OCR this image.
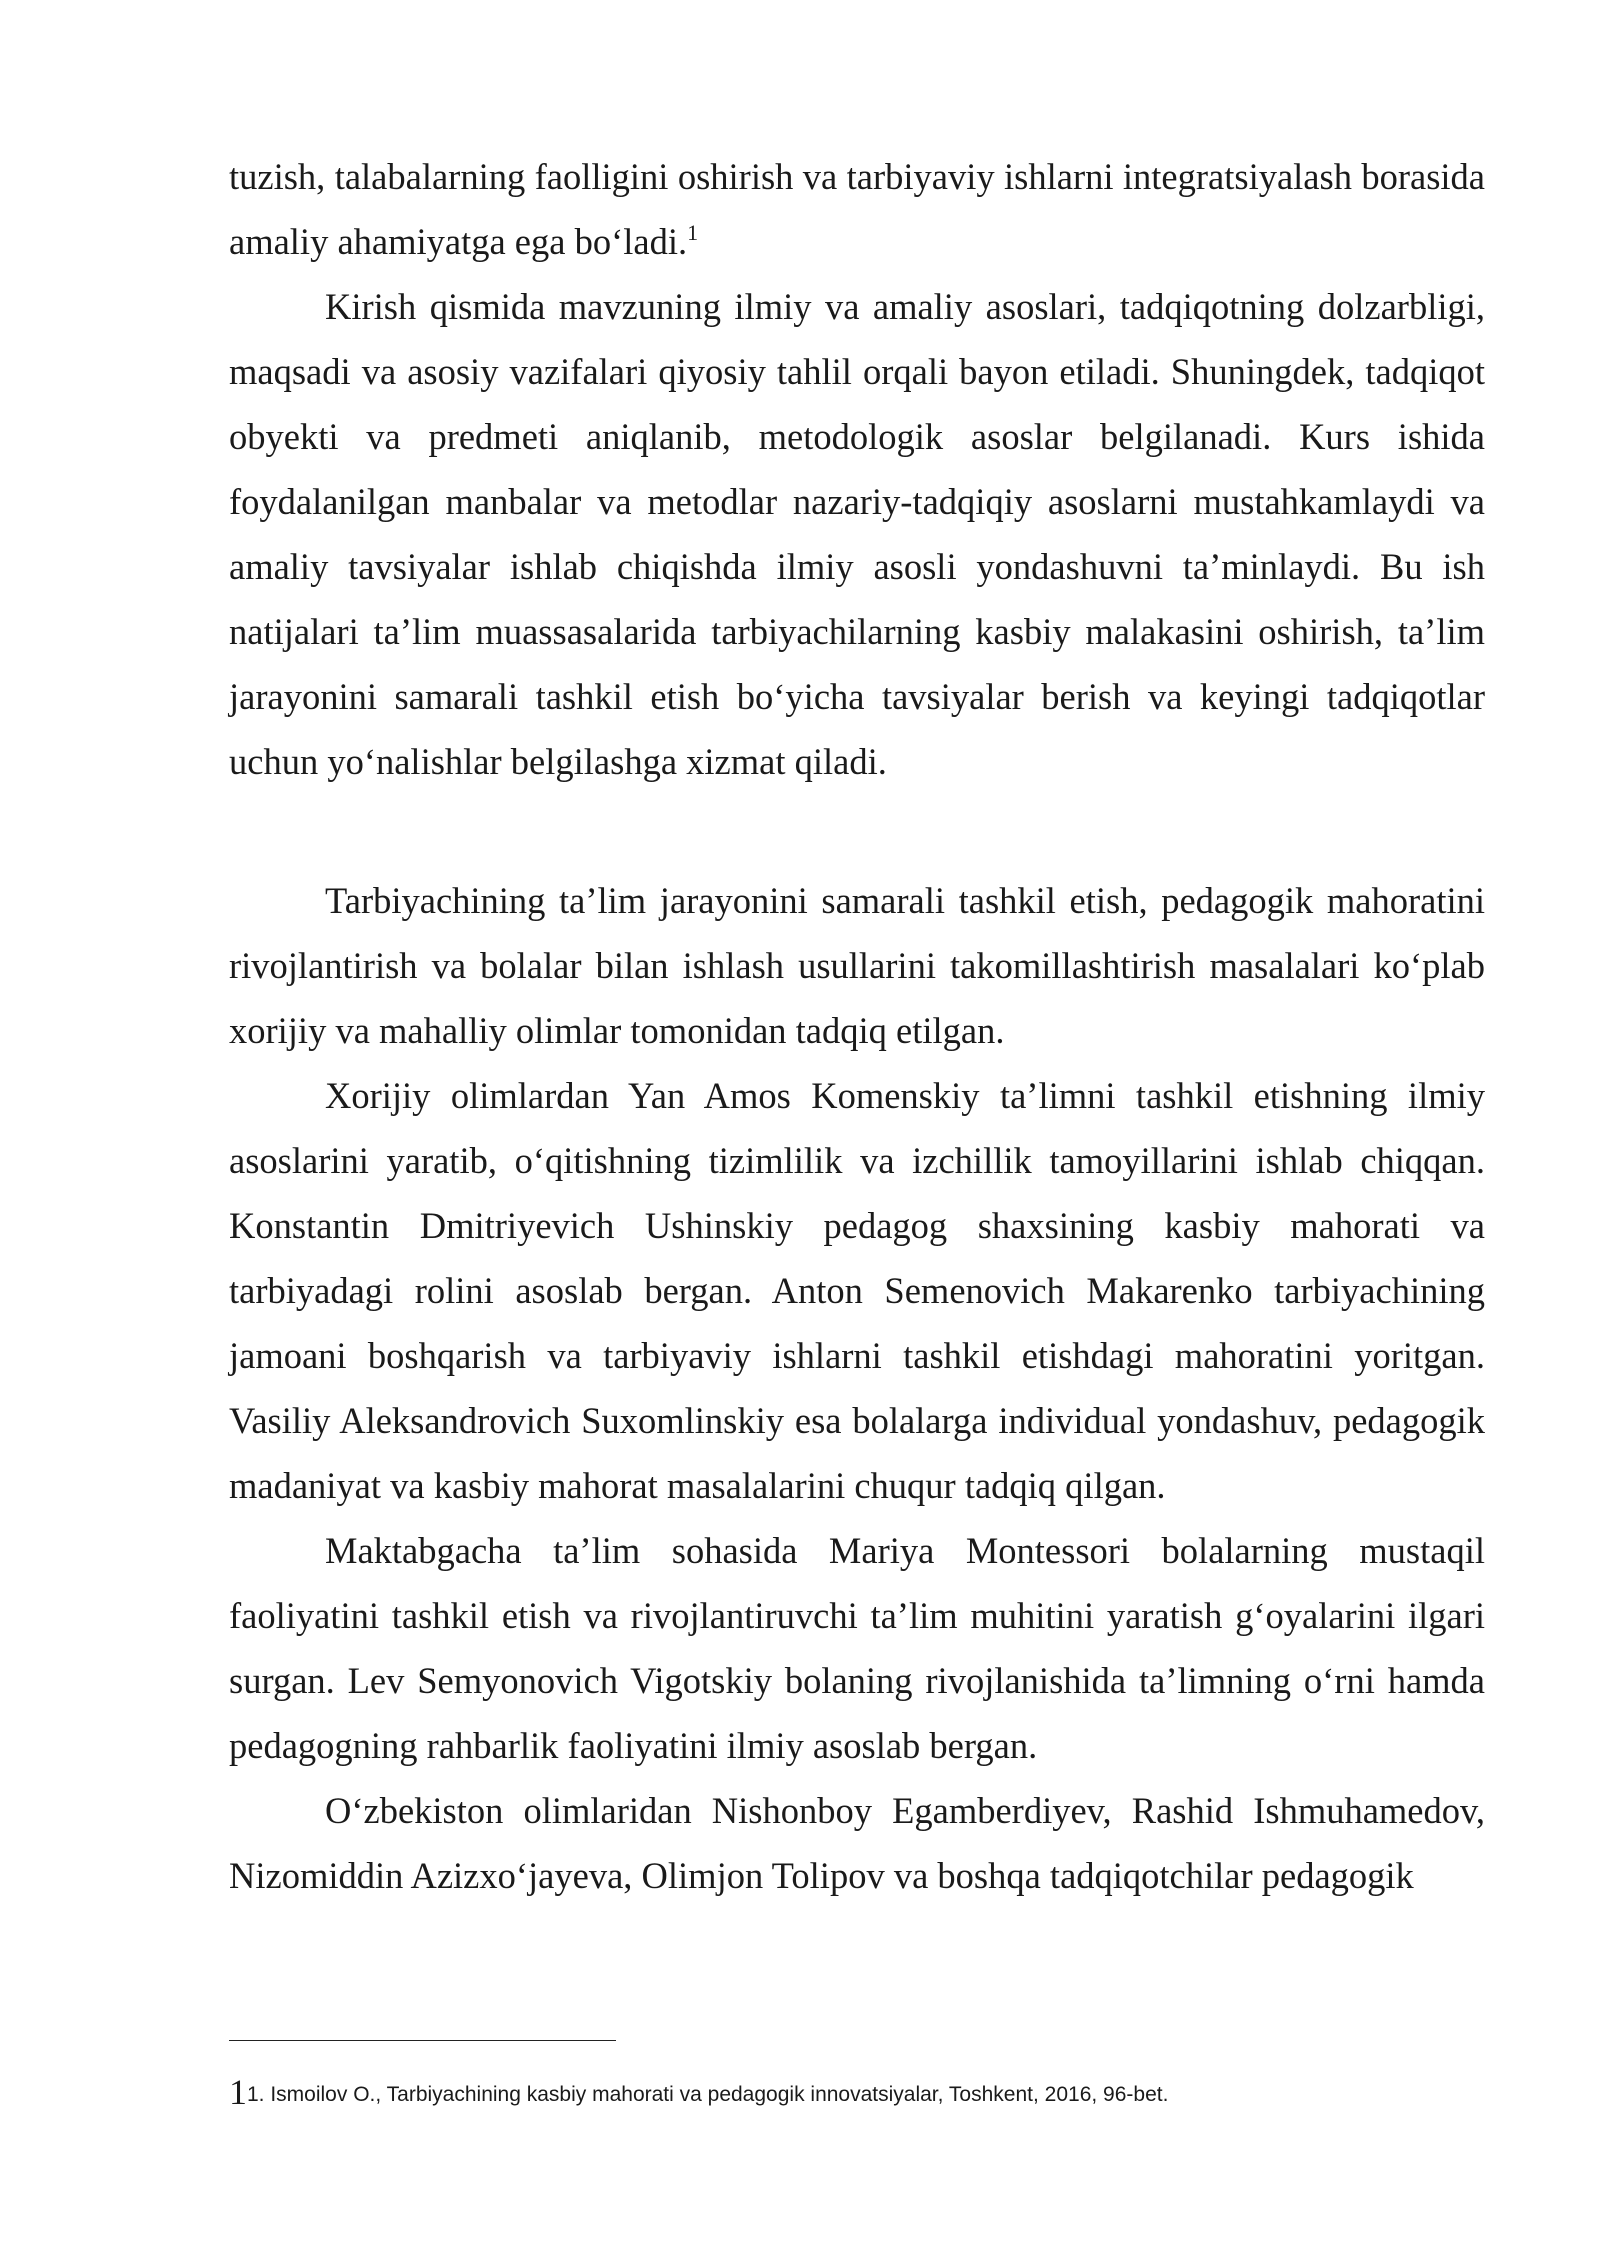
tuzish, talabalarning faolligini oshirish va tarbiyaviy ishlarni integratsiyalash borasida amaliy ahamiyatga ega bo‘ladi.$^1$

Kirish qismida mavzuning ilmiy va amaliy asoslari, tadqiqotning dolzarbligi, maqsadi va asosiy vazifalari qiyosiy tahlil orqali bayon etiladi. Shuningdek, tadqiqot obyekti va predmeti aniqlanib, metodologik asoslar belgilanadi. Kurs ishida foydalanilgan manbalar va metodlar nazariy-tadqiqiy asoslarni mustahkamlaydi va amaliy tavsiyalar ishlab chiqishda ilmiy asosli yondashuvni ta’minlaydi. Bu ish natijalari ta’lim muassasalarida tarbiyachilarning kasbiy malakasini oshirish, ta’lim jarayonini samarali tashkil etish bo‘yicha tavsiyalar berish va keyingi tadqiqotlar uchun yo‘nalishlar belgilashga xizmat qiladi.

Tarbiyachining ta’lim jarayonini samarali tashkil etish, pedagogik mahoratini rivojlantirish va bolalar bilan ishlash usullarini takomillashtirish masalalari ko‘plab xorijiy va mahalliy olimlar tomonidan tadqiq etilgan.

Xorijiy olimlardan Yan Amos Komenskiy ta’limni tashkil etishning ilmiy asoslarini yaratib, o‘qitishning tizimlilik va izchillik tamoyillarini ishlab chiqqan. Konstantin Dmitriyevich Ushinskiy pedagog shaxsining kasbiy mahorati va tarbiyadagi rolini asoslab bergan. Anton Semenovich Makarenko tarbiyachining jamoani boshqarish va tarbiyaviy ishlarni tashkil etishdagi mahoratini yoritgan. Vasiliy Aleksandrovich Suxomlinskiy esa bolalarga individual yondashuv, pedagogik madaniyat va kasbiy mahorat masalalarini chuqur tadqiq qilgan.

Maktabgacha ta’lim sohasida Mariya Montessori bolalarning mustaqil faoliyatini tashkil etish va rivojlantiruvchi ta’lim muhitini yaratish g‘oyalarini ilgari surgan. Lev Semyonovich Vigotskiy bolaning rivojlanishida ta’limning o‘rni hamda pedagogning rahbarlik faoliyatini ilmiy asoslab bergan.

O‘zbekiston olimlaridan Nishonboy Egamberdiyev, Rashid Ishmuhamedov, Nizomiddin Azizxo‘jayeva, Olimjon Tolipov va boshqa tadqiqotchilar pedagogik

11. Ismoilov O., Tarbiyachining kasbiy mahorati va pedagogik innovatsiyalar, Toshkent, 2016, 96-bet.
